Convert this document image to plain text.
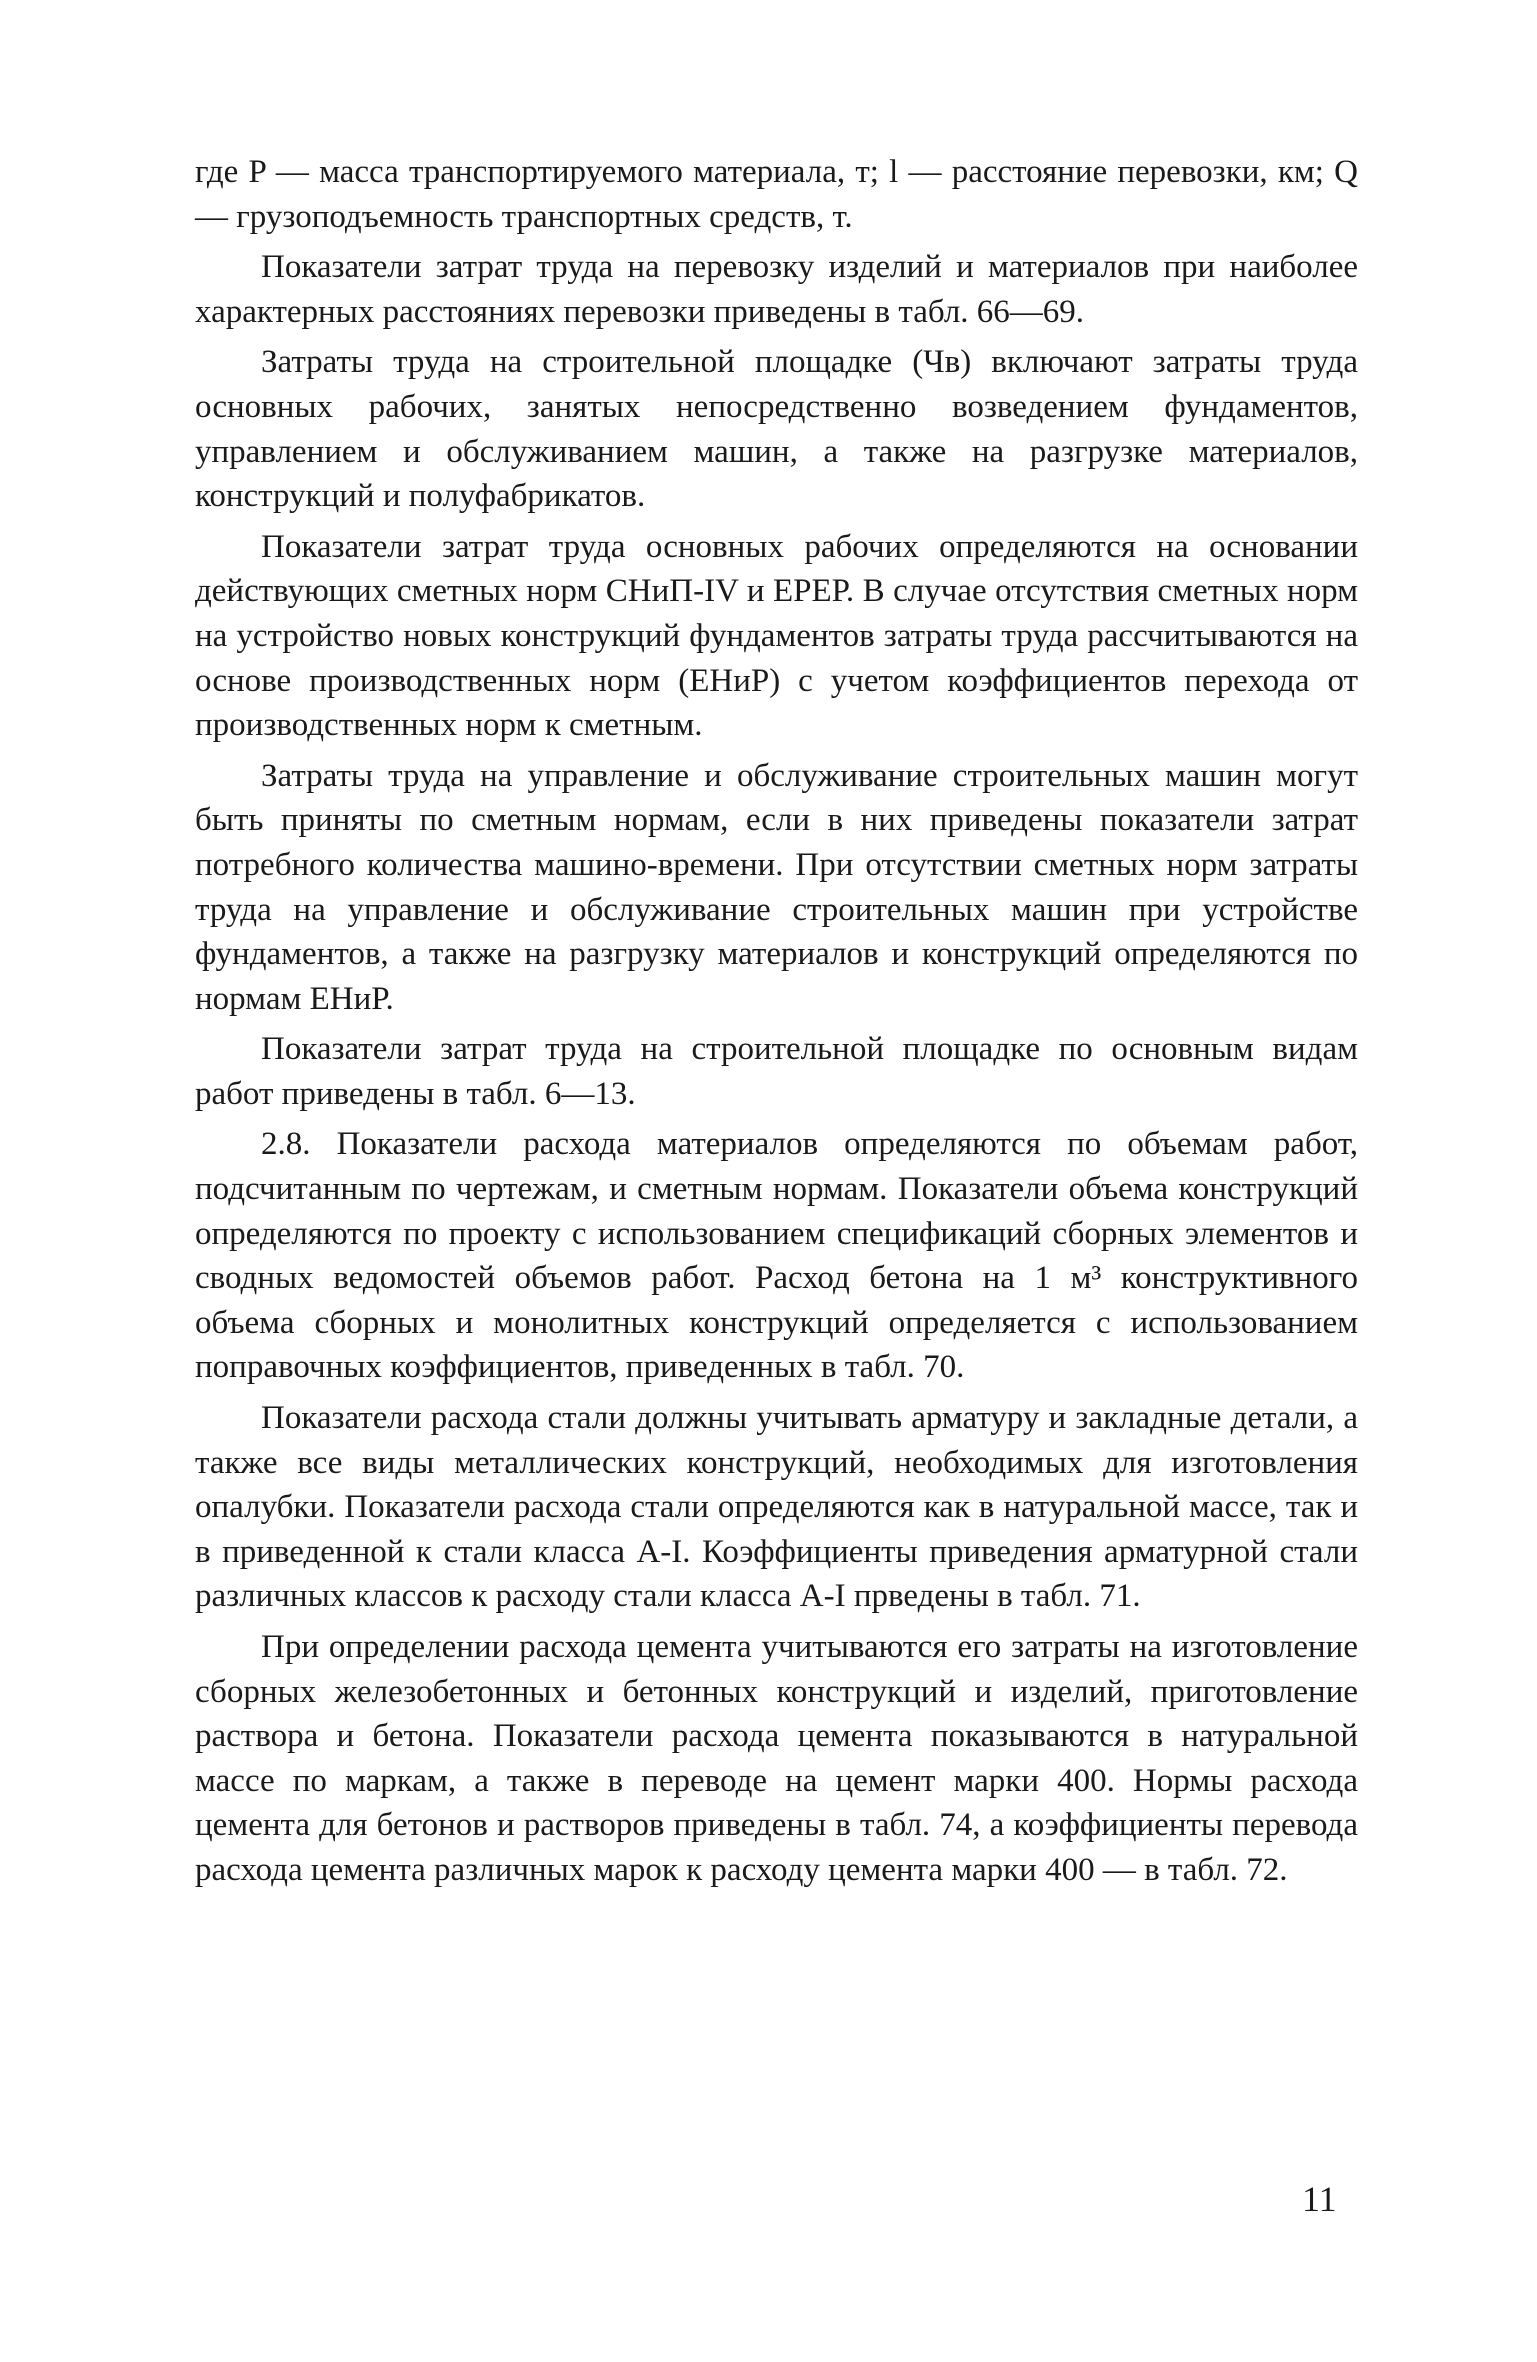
где P — масса транспортируемого материала, т; l — расстояние перевозки, км; Q — грузоподъемность транспортных средств, т.

Показатели затрат труда на перевозку изделий и материалов при наиболее характерных расстояниях перевозки приведены в табл. 66—69.

Затраты труда на строительной площадке (Чв) включают затраты труда основных рабочих, занятых непосредственно возведением фундаментов, управлением и обслуживанием машин, а также на разгрузке материалов, конструкций и полуфабрикатов.

Показатели затрат труда основных рабочих определяются на основании действующих сметных норм СНиП-IV и ЕРЕР. В случае отсутствия сметных норм на устройство новых конструкций фундаментов затраты труда рассчитываются на основе производственных норм (ЕНиР) с учетом коэффициентов перехода от производственных норм к сметным.

Затраты труда на управление и обслуживание строительных машин могут быть приняты по сметным нормам, если в них приведены показатели затрат потребного количества машино-времени. При отсутствии сметных норм затраты труда на управление и обслуживание строительных машин при устройстве фундаментов, а также на разгрузку материалов и конструкций определяются по нормам ЕНиР.

Показатели затрат труда на строительной площадке по основным видам работ приведены в табл. 6—13.

2.8. Показатели расхода материалов определяются по объемам работ, подсчитанным по чертежам, и сметным нормам. Показатели объема конструкций определяются по проекту с использованием спецификаций сборных элементов и сводных ведомостей объемов работ. Расход бетона на 1 м³ конструктивного объема сборных и монолитных конструкций определяется с использованием поправочных коэффициентов, приведенных в табл. 70.

Показатели расхода стали должны учитывать арматуру и закладные детали, а также все виды металлических конструкций, необходимых для изготовления опалубки. Показатели расхода стали определяются как в натуральной массе, так и в приведенной к стали класса А-I. Коэффициенты приведения арматурной стали различных классов к расходу стали класса А-I прведены в табл. 71.

При определении расхода цемента учитываются его затраты на изготовление сборных железобетонных и бетонных конструкций и изделий, приготовление раствора и бетона. Показатели расхода цемента показываются в натуральной массе по маркам, а также в переводе на цемент марки 400. Нормы расхода цемента для бетонов и растворов приведены в табл. 74, а коэффициенты перевода расхода цемента различных марок к расходу цемента марки 400 — в табл. 72.

11
